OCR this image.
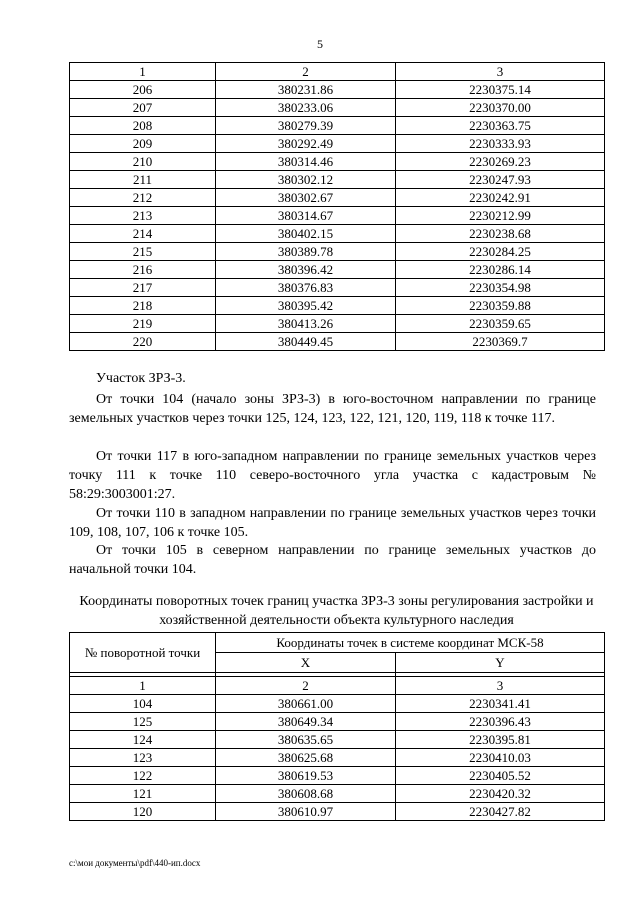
5
1	2	3
206	380231.86	2230375.14
207	380233.06	2230370.00
208	380279.39	2230363.75
209	380292.49	2230333.93
210	380314.46	2230269.23
211	380302.12	2230247.93
212	380302.67	2230242.91
213	380314.67	2230212.99
214	380402.15	2230238.68
215	380389.78	2230284.25
216	380396.42	2230286.14
217	380376.83	2230354.98
218	380395.42	2230359.88
219	380413.26	2230359.65
220	380449.45	2230369.7
Участок ЗРЗ-3.

От точки 104 (начало зоны ЗРЗ-3) в юго-восточном направлении по границе земельных участков через точки 125, 124, 123, 122, 121, 120, 119, 118 к точке 117.

От точки 117 в юго-западном направлении по границе земельных участков через точку 111 к точке 110 северо-восточного угла участка с кадастровым № 58:29:3003001:27.

От точки 110 в западном направлении по границе земельных участков через точки 109, 108, 107, 106 к точке 105.

От точки 105 в северном направлении по границе земельных участков до начальной точки 104.

Координаты поворотных точек границ участка ЗРЗ-3 зоны регулирования застройки и хозяйственной деятельности объекта культурного наследия

№ поворотной точки	Координаты точек в системе координат МСК-58	
	X	Y

1	2	3
104	380661.00	2230341.41
125	380649.34	2230396.43
124	380635.65	2230395.81
123	380625.68	2230410.03
122	380619.53	2230405.52
121	380608.68	2230420.32
120	380610.97	2230427.82
c:\мои документы\pdf\440-ип.docx
